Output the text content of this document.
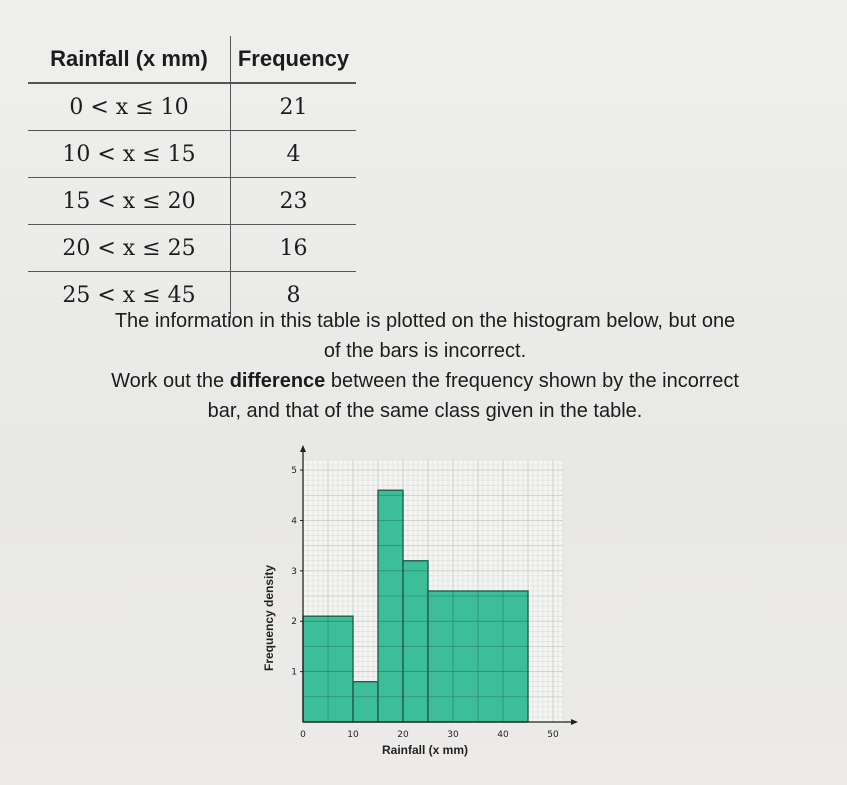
Rainfall (x mm)	Frequency
0 < x ≤ 10	21
10 < x ≤ 15	4
15 < x ≤ 20	23
20 < x ≤ 25	16
25 < x ≤ 45	8

The information in this table is plotted on the histogram below, but one

of the bars is incorrect.

Work out the difference between the frequency shown by the incorrect

bar, and that of the same class given in the table.

0	10	20	30	40	50
1
2
3
4
5
Rainfall (x mm)
Frequency density
